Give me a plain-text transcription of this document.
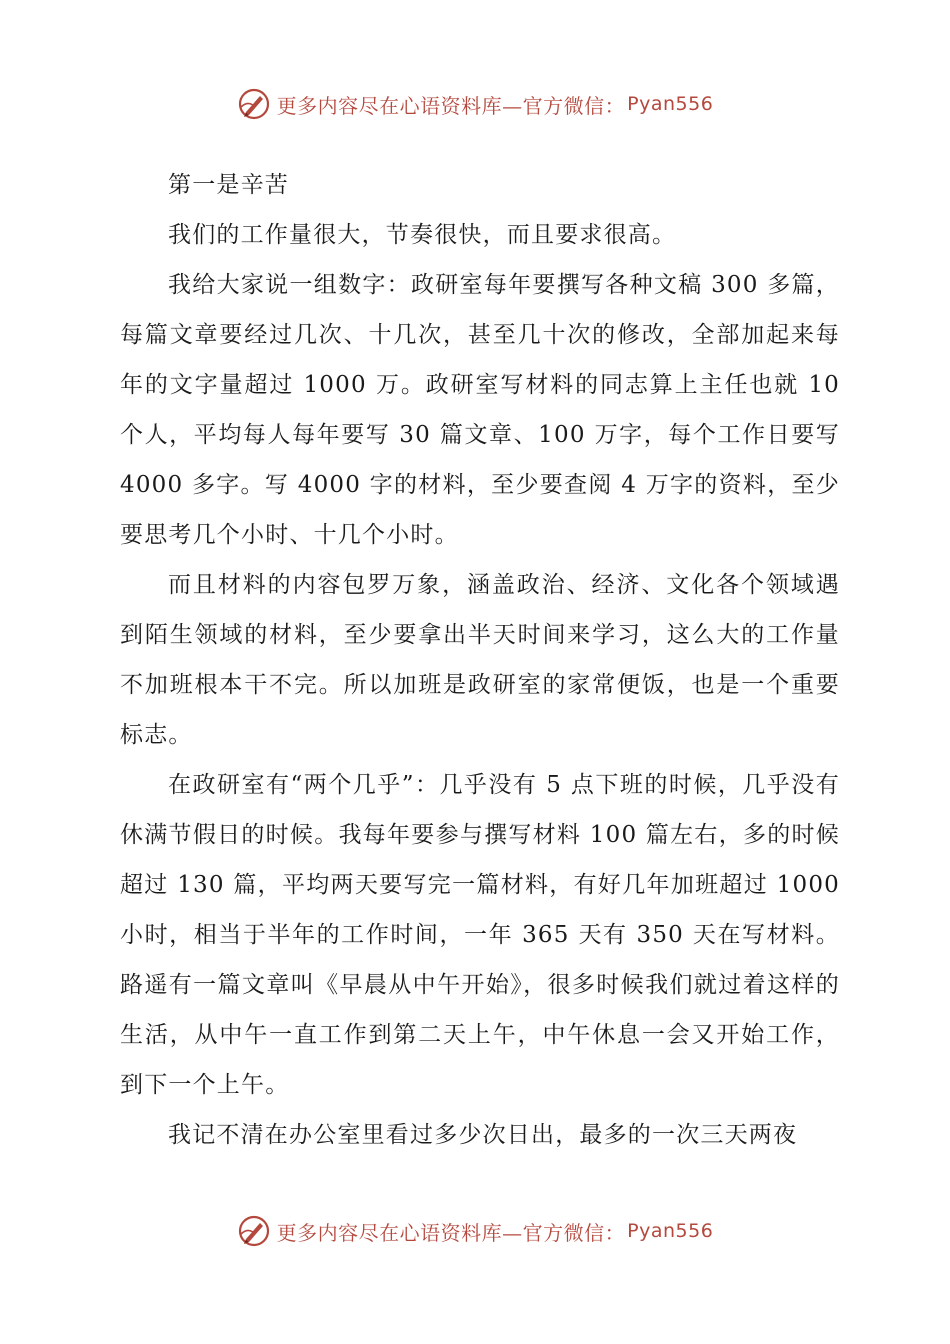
更多内容尽在心语资料库—官方微信： Pyan556

第一是辛苦

我们的工作量很大，节奏很快，而且要求很高。

我给大家说一组数字：政研室每年要撰写各种文稿 300 多篇，每篇文章要经过几次、十几次，甚至几十次的修改，全部加起来每年的文字量超过 1000 万。政研室写材料的同志算上主任也就 10 个人，平均每人每年要写 30 篇文章、100 万字，每个工作日要写 4000 多字。写 4000 字的材料，至少要查阅 4 万字的资料，至少要思考几个小时、十几个小时。

而且材料的内容包罗万象，涵盖政治、经济、文化各个领域遇到陌生领域的材料，至少要拿出半天时间来学习，这么大的工作量不加班根本干不完。所以加班是政研室的家常便饭，也是一个重要标志。

在政研室有“两个几乎”：几乎没有 5 点下班的时候，几乎没有休满节假日的时候。我每年要参与撰写材料 100 篇左右，多的时候超过 130 篇，平均两天要写完一篇材料，有好几年加班超过 1000 小时，相当于半年的工作时间，一年 365 天有 350 天在写材料。路遥有一篇文章叫《早晨从中午开始》，很多时候我们就过着这样的生活，从中午一直工作到第二天上午，中午休息一会又开始工作，到下一个上午。

我记不清在办公室里看过多少次日出，最多的一次三天两夜

更多内容尽在心语资料库—官方微信： Pyan556
